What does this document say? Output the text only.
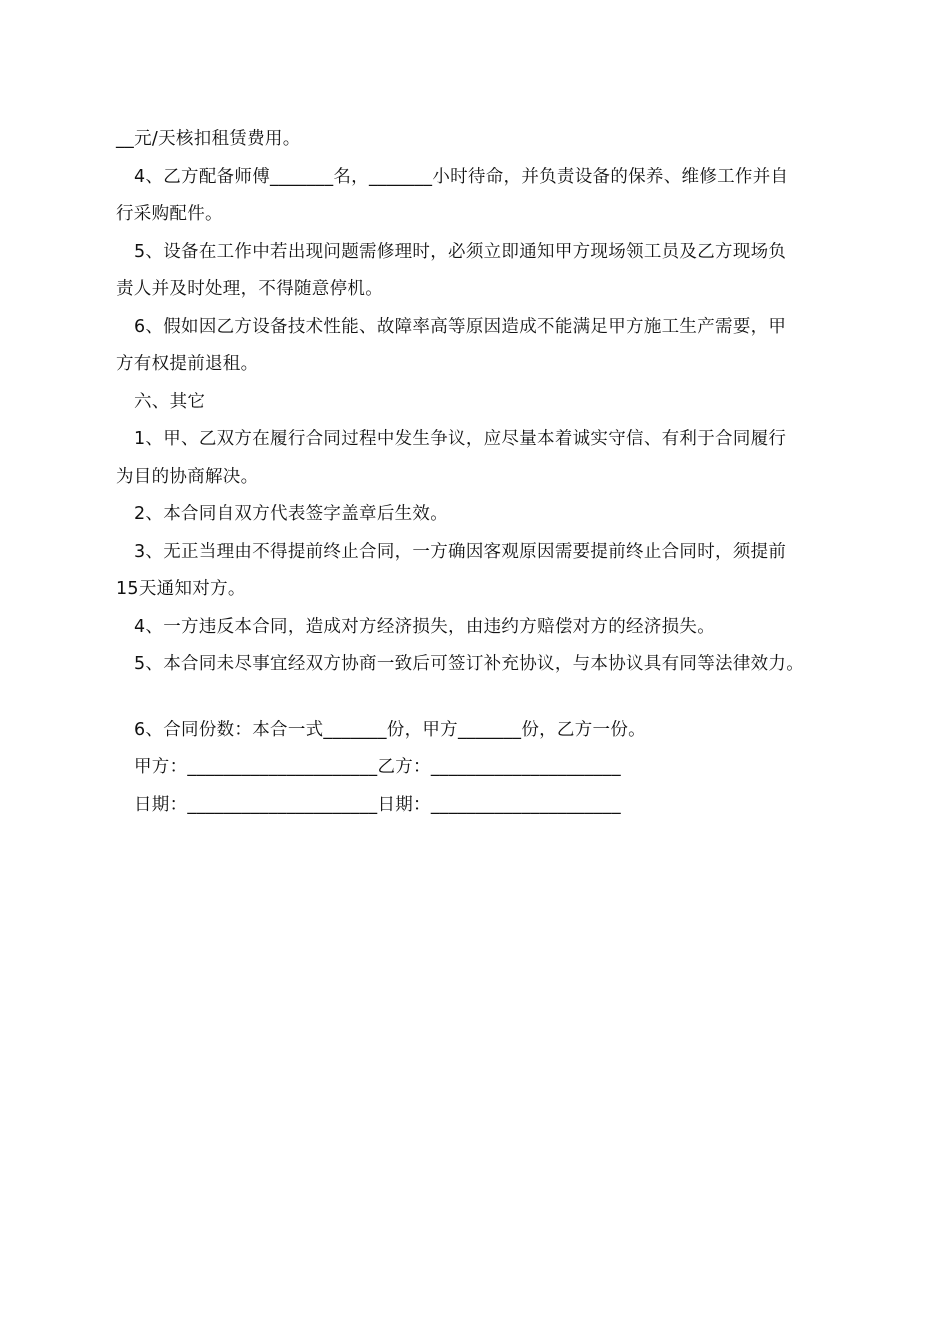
__元/天核扣租赁费用。
4、乙方配备师傅_______名，_______小时待命，并负责设备的保养、维修工作并自
行采购配件。
5、设备在工作中若出现问题需修理时，必须立即通知甲方现场领工员及乙方现场负
责人并及时处理，不得随意停机。
6、假如因乙方设备技术性能、故障率高等原因造成不能满足甲方施工生产需要，甲
方有权提前退租。
六、其它
1、甲、乙双方在履行合同过程中发生争议，应尽量本着诚实守信、有利于合同履行
为目的协商解决。
2、本合同自双方代表签字盖章后生效。
3、无正当理由不得提前终止合同，一方确因客观原因需要提前终止合同时，须提前
15天通知对方。
4、一方违反本合同，造成对方经济损失，由违约方赔偿对方的经济损失。
5、本合同未尽事宜经双方协商一致后可签订补充协议，与本协议具有同等法律效力。
6、合同份数：本合一式_______份，甲方_______份，乙方一份。
甲方：_____________________乙方：_____________________
日期：_____________________日期：_____________________
